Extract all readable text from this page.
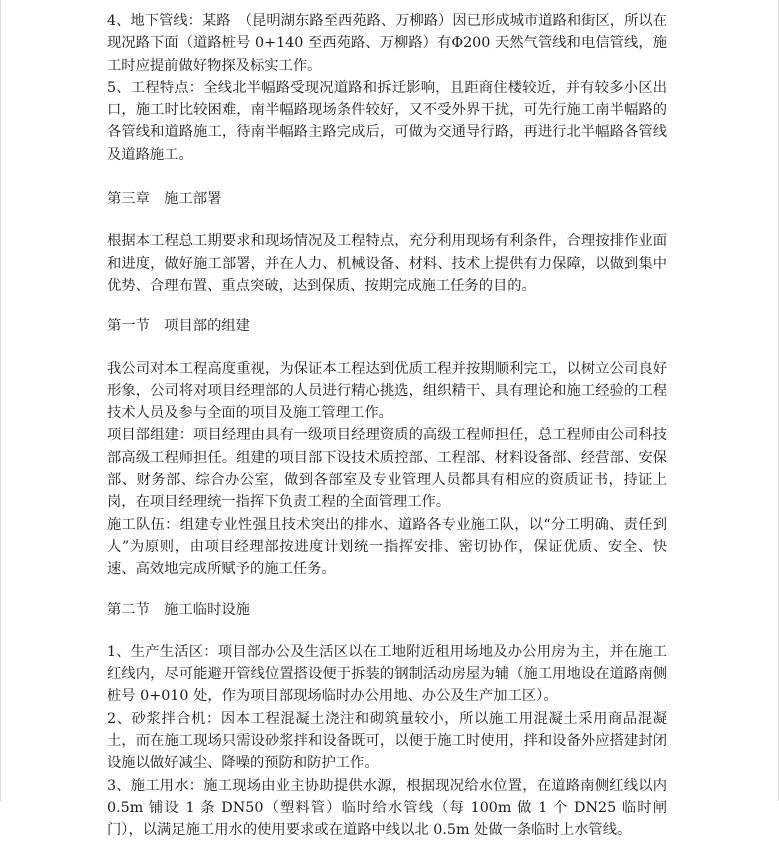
4、地下管线：某路　（昆明湖东路至西苑路、万柳路）因已形成城市道路和街区，所以在现况路下面（道路桩号 0+140 至西苑路、万柳路）有Φ200 天然气管线和电信管线，施工时应提前做好物探及标实工作。

5、工程特点：全线北半幅路受现况道路和拆迁影响，且距商住楼较近，并有较多小区出口，施工时比较困难，南半幅路现场条件较好，又不受外界干扰，可先行施工南半幅路的各管线和道路施工，待南半幅路主路完成后，可做为交通导行路，再进行北半幅路各管线及道路施工。

第三章　施工部署

根据本工程总工期要求和现场情况及工程特点，充分利用现场有利条件，合理按排作业面和进度，做好施工部署，并在人力、机械设备、材料、技术上提供有力保障，以做到集中优势、合理布置、重点突破，达到保质、按期完成施工任务的目的。

第一节　项目部的组建

我公司对本工程高度重视，为保证本工程达到优质工程并按期顺利完工，以树立公司良好形象，公司将对项目经理部的人员进行精心挑选，组织精干、具有理论和施工经验的工程技术人员及参与全面的项目及施工管理工作。

项目部组建：项目经理由具有一级项目经理资质的高级工程师担任，总工程师由公司科技部高级工程师担任。组建的项目部下设技术质控部、工程部、材料设备部、经营部、安保部、财务部、综合办公室，做到各部室及专业管理人员都具有相应的资质证书，持证上岗，在项目经理统一指挥下负责工程的全面管理工作。

施工队伍：组建专业性强且技术突出的排水、道路各专业施工队，以“分工明确、责任到人”为原则，由项目经理部按进度计划统一指挥安排、密切协作，保证优质、安全、快速、高效地完成所赋予的施工任务。

第二节　施工临时设施

1、生产生活区：项目部办公及生活区以在工地附近租用场地及办公用房为主，并在施工红线内，尽可能避开管线位置搭设便于拆装的钢制活动房屋为辅（施工用地设在道路南侧桩号 0+010 处，作为项目部现场临时办公用地、办公及生产加工区）。

2、砂浆拌合机：因本工程混凝土浇注和砌筑量较小，所以施工用混凝土采用商品混凝土，而在施工现场只需设砂浆拌和设备既可，以便于施工时使用，拌和设备外应搭建封闭设施以做好减尘、降噪的预防和防护工作。

3、施工用水：施工现场由业主协助提供水源，根据现况给水位置，在道路南侧红线以内 0.5m 铺设 1 条 DN50（塑料管）临时给水管线（每 100m 做 1 个 DN25 临时闸门），以满足施工用水的使用要求或在道路中线以北 0.5m 处做一条临时上水管线。
